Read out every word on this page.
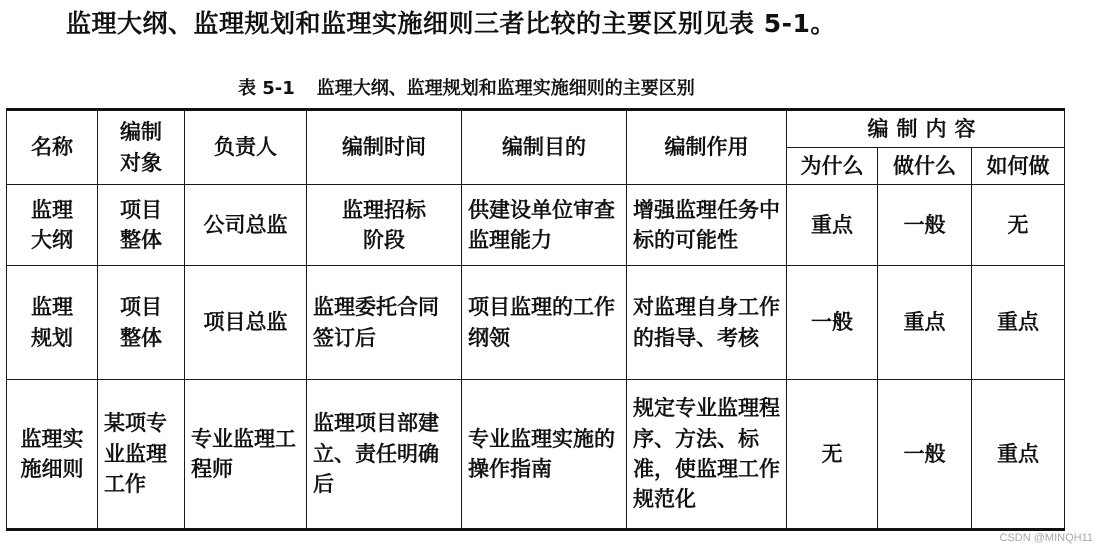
监理大纲、监理规划和监理实施细则三者比较的主要区别见表 5-1。
表 5-1 监理大纲、监理规划和监理实施细则的主要区别
名称	编制对象	负责人	编制时间	编制目的	编制作用	编制内容		
						为什么	做什么	如何做
监理大纲	项目整体	公司总监	监理招标阶段	供建设单位审查监理能力	增强监理任务中标的可能性	重点	一般	无
监理规划	项目整体	项目总监	监理委托合同签订后	项目监理的工作纲领	对监理自身工作的指导、考核	一般	重点	重点
监理实施细则	某项专业监理工作	专业监理工程师	监理项目部建立、责任明确后	专业监理实施的操作指南	规定专业监理程序、方法、标准，使监理工作规范化	无	一般	重点
CSDN @MINQH11
